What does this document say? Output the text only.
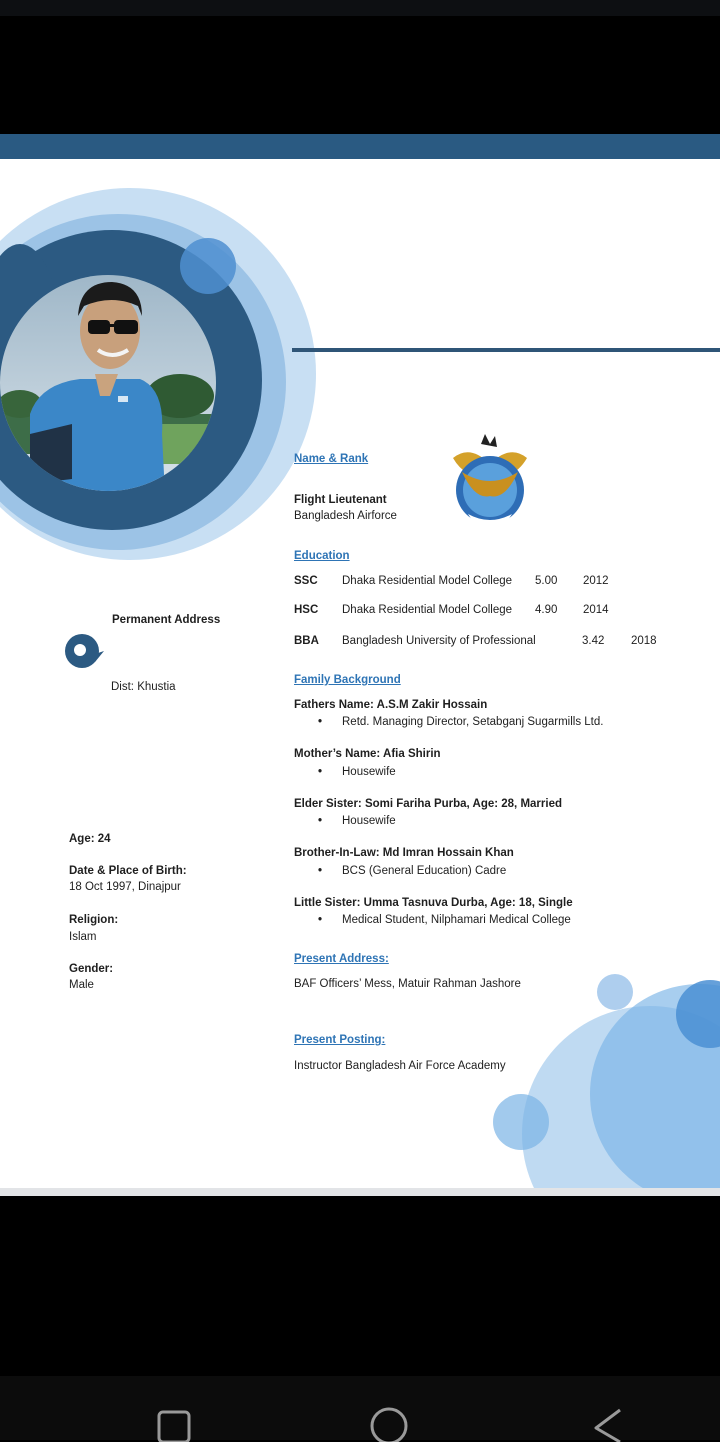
Permanent Address

Dist: Khustia

Age: 24

Date & Place of Birth:

18 Oct 1997, Dinajpur

Religion:

Islam

Gender:

Male

Name & Rank

Flight Lieutenant

Bangladesh Airforce

Education

SSC Dhaka Residential Model College 5.00 2012

HSC Dhaka Residential Model College 4.90 2014

BBA Bangladesh University of Professional	3.42 2018

Family Background

Fathers Name: A.S.M Zakir Hossain

• Retd. Managing Director, Setabganj Sugarmills Ltd.

Mother’s Name: Afia Shirin

• Housewife

Elder Sister: Somi Fariha Purba, Age: 28, Married

• Housewife

Brother-In-Law: Md Imran Hossain Khan

• BCS (General Education) Cadre

Little Sister: Umma Tasnuva Durba, Age: 18, Single

• Medical Student, Nilphamari Medical College

Present Address:

BAF Officers’ Mess, Matuir Rahman Jashore

Present Posting:

Instructor Bangladesh Air Force Academy
